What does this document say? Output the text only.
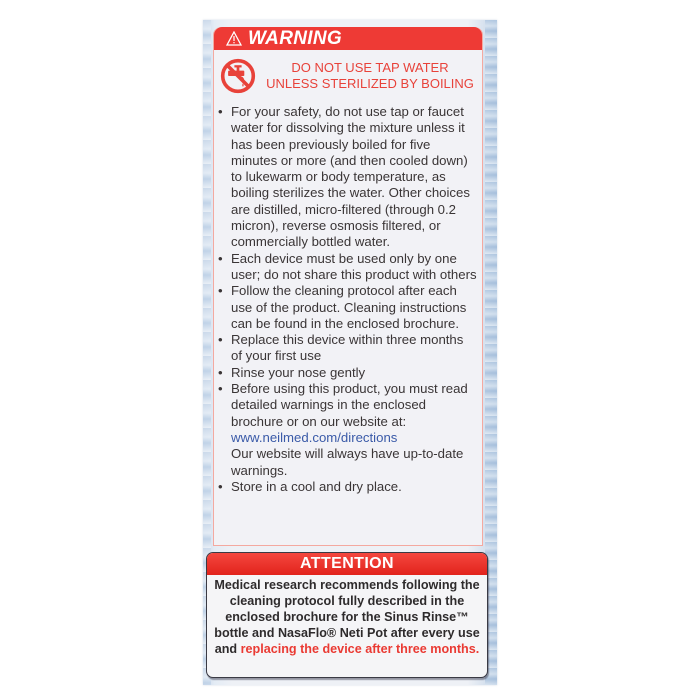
WARNING
DO NOT USE TAP WATER
UNLESS STERILIZED BY BOILING
• For your safety, do not use tap or faucet water for dissolving the mixture unless it has been previously boiled for five minutes or more (and then cooled down) to lukewarm or body temperature, as boiling sterilizes the water. Other choices are distilled, micro-filtered (through 0.2 micron), reverse osmosis filtered, or commercially bottled water.
• Each device must be used only by one user; do not share this product with others
• Follow the cleaning protocol after each use of the product. Cleaning instructions can be found in the enclosed brochure.
• Replace this device within three months of your first use
• Rinse your nose gently
• Before using this product, you must read detailed warnings in the enclosed brochure or on our website at:
www.neilmed.com/directions
Our website will always have up-to-date warnings.
• Store in a cool and dry place.
ATTENTION
Medical research recommends following the cleaning protocol fully described in the enclosed brochure for the Sinus Rinse™ bottle and NasaFlo® Neti Pot after every use and replacing the device after three months.
